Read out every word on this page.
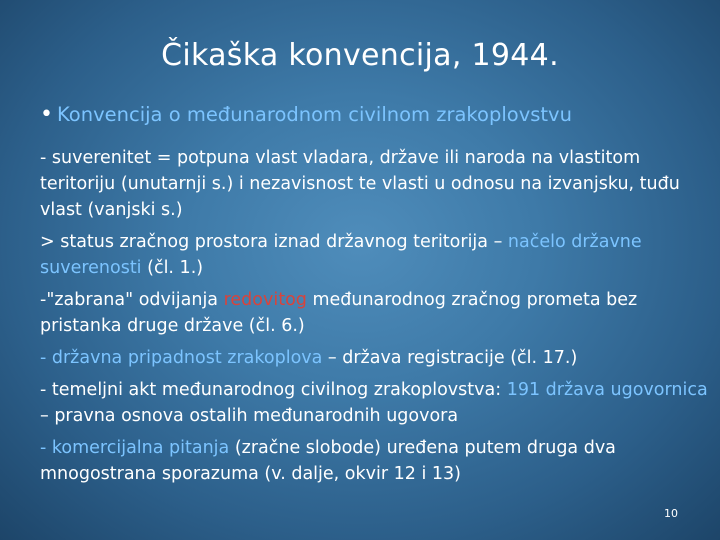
Čikaška konvencija, 1944.
• Konvencija o međunarodnom civilnom zrakoplovstvu

- suverenitet = potpuna vlast vladara, države ili naroda na vlastitom teritoriju (unutarnji s.) i nezavisnost te vlasti u odnosu na izvanjsku, tuđu vlast (vanjski s.)

> status zračnog prostora iznad državnog teritorija – načelo državne suverenosti (čl. 1.)

-"zabrana" odvijanja redovitog međunarodnog zračnog prometa bez pristanka druge države (čl. 6.)

- državna pripadnost zrakoplova – država registracije (čl. 17.)

- temeljni akt međunarodnog civilnog zrakoplovstva: 191 država ugovornica – pravna osnova ostalih međunarodnih ugovora

- komercijalna pitanja (zračne slobode) uređena putem druga dva mnogostrana sporazuma (v. dalje, okvir 12 i 13)

10
